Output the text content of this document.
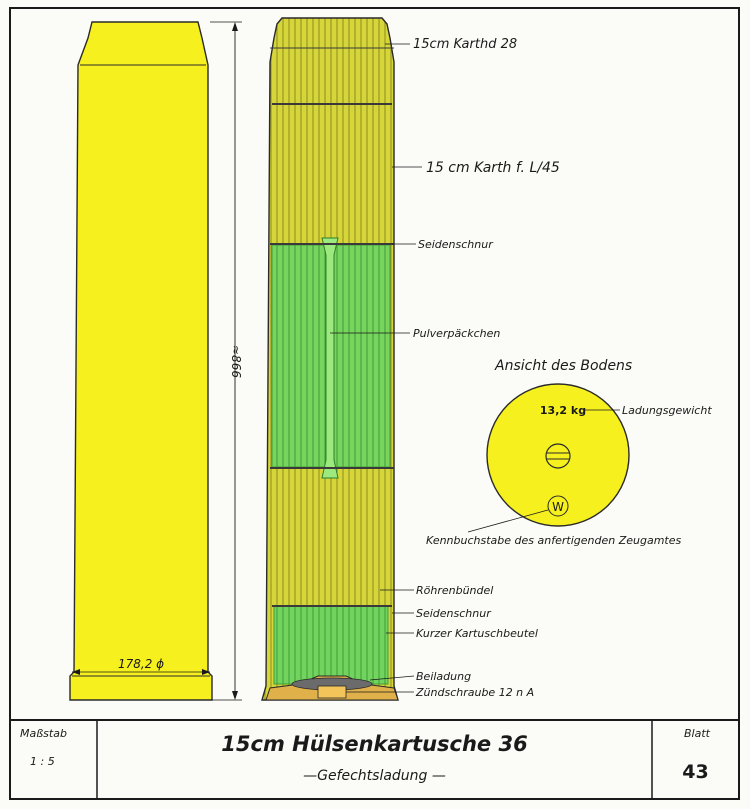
≈866
178,2 ϕ
15cm Karthd 28
15 cm Karth f. L/45
Seidenschnur
Pulverpäckchen
Röhrenbündel
Seidenschnur
Kurzer Kartuschbeutel
Beiladung
Zündschraube 12 n A
Ansicht des Bodens
W
13,2 kg	Ladungsgewicht
Kennbuchstabe des anfertigenden Zeugamtes
Maßstab
1 : 5
15cm Hülsenkartusche 36
—Gefechtsladung —
Blatt
43
